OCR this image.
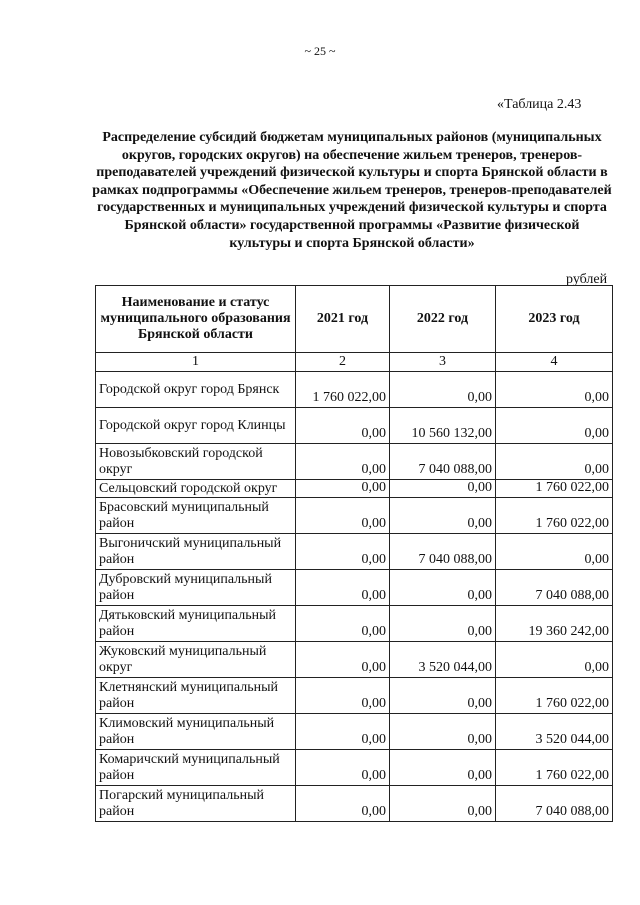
~ 25 ~
«Таблица 2.43
Распределение субсидий бюджетам муниципальных районов (муниципальных округов, городских округов) на обеспечение жильем тренеров, тренеров-преподавателей учреждений физической культуры и спорта Брянской области в рамках подпрограммы «Обеспечение жильем тренеров, тренеров-преподавателей государственных и муниципальных учреждений физической культуры и спорта Брянской области» государственной программы «Развитие физической культуры и спорта Брянской области»
рублей
Наименование и статус муниципального образования Брянской области	2021 год	2022 год	2023 год
1	2	3	4
Городской округ город Брянск	1 760 022,00	0,00	0,00
Городской округ город Клинцы	0,00	10 560 132,00	0,00
Новозыбковский городской округ	0,00	7 040 088,00	0,00
Сельцовский городской округ	0,00	0,00	1 760 022,00
Брасовский муниципальный район	0,00	0,00	1 760 022,00
Выгоничский муниципальный район	0,00	7 040 088,00	0,00
Дубровский муниципальный район	0,00	0,00	7 040 088,00
Дятьковский муниципальный район	0,00	0,00	19 360 242,00
Жуковский муниципальный округ	0,00	3 520 044,00	0,00
Клетнянский муниципальный район	0,00	0,00	1 760 022,00
Климовский муниципальный район	0,00	0,00	3 520 044,00
Комаричский муниципальный район	0,00	0,00	1 760 022,00
Погарский муниципальный район	0,00	0,00	7 040 088,00
